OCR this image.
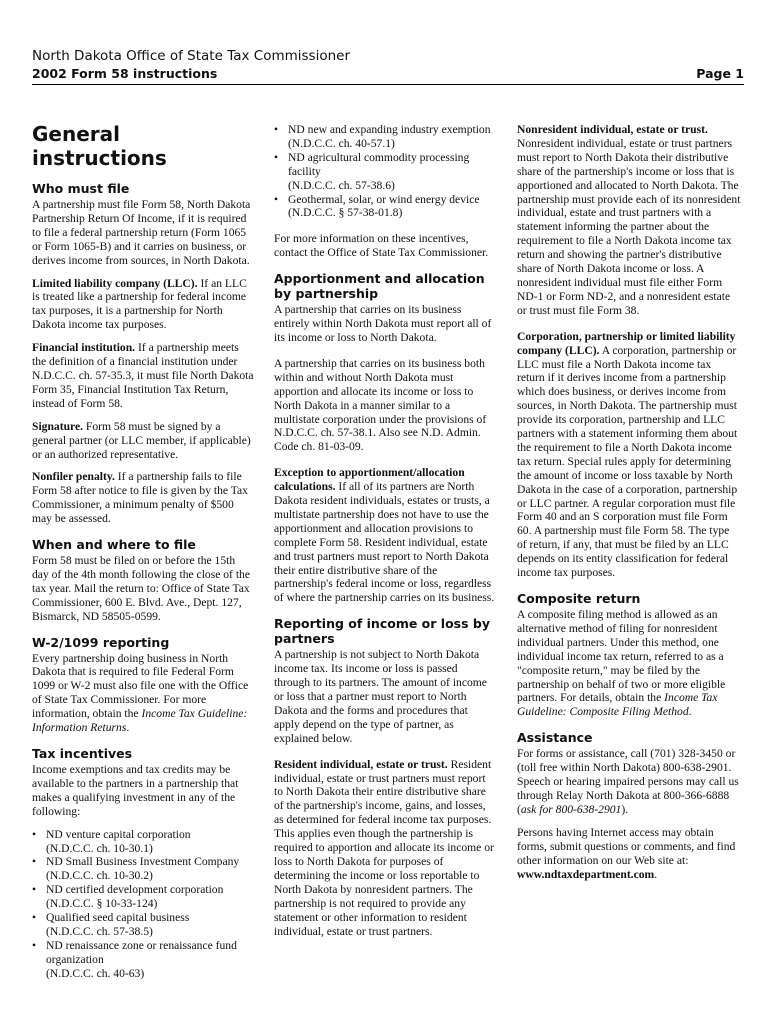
North Dakota Office of State Tax Commissioner
2002 Form 58 instructions	Page 1
General instructions
Who must file

A partnership must file Form 58, North Dakota Partnership Return Of Income, if it is required to file a federal partnership return (Form 1065 or Form 1065-B) and it carries on business, or derives income from sources, in North Dakota.

Limited liability company (LLC). If an LLC is treated like a partnership for federal income tax purposes, it is a partnership for North Dakota income tax purposes.

Financial institution. If a partnership meets the definition of a financial institution under N.D.C.C. ch. 57-35.3, it must file North Dakota Form 35, Financial Institution Tax Return, instead of Form 58.

Signature. Form 58 must be signed by a general partner (or LLC member, if applicable) or an authorized representative.

Nonfiler penalty. If a partnership fails to file Form 58 after notice to file is given by the Tax Commissioner, a minimum penalty of $500 may be assessed.

When and where to file

Form 58 must be filed on or before the 15th day of the 4th month following the close of the tax year. Mail the return to: Office of State Tax Commissioner, 600 E. Blvd. Ave., Dept. 127, Bismarck, ND 58505-0599.

W-2/1099 reporting

Every partnership doing business in North Dakota that is required to file Federal Form 1099 or W-2 must also file one with the Office of State Tax Commissioner. For more information, obtain the Income Tax Guideline: Information Returns.

Tax incentives

Income exemptions and tax credits may be available to the partners in a partnership that makes a qualifying investment in any of the following:

• ND venture capital corporation
(N.D.C.C. ch. 10-30.1)
• ND Small Business Investment Company
(N.D.C.C. ch. 10-30.2)
• ND certified development corporation
(N.D.C.C. § 10-33-124)
• Qualified seed capital business
(N.D.C.C. ch. 57-38.5)
• ND renaissance zone or renaissance fund organization
(N.D.C.C. ch. 40-63)
• ND new and expanding industry exemption
(N.D.C.C. ch. 40-57.1)
• ND agricultural commodity processing facility
(N.D.C.C. ch. 57-38.6)
• Geothermal, solar, or wind energy device
(N.D.C.C. § 57-38-01.8)

For more information on these incentives, contact the Office of State Tax Commissioner.

Apportionment and allocation by partnership

A partnership that carries on its business entirely within North Dakota must report all of its income or loss to North Dakota.

A partnership that carries on its business both within and without North Dakota must apportion and allocate its income or loss to North Dakota in a manner similar to a multistate corporation under the provisions of N.D.C.C. ch. 57-38.1. Also see N.D. Admin. Code ch. 81-03-09.

Exception to apportionment/allocation calculations. If all of its partners are North Dakota resident individuals, estates or trusts, a multistate partnership does not have to use the apportionment and allocation provisions to complete Form 58. Resident individual, estate and trust partners must report to North Dakota their entire distributive share of the partnership's federal income or loss, regardless of where the partnership carries on its business.

Reporting of income or loss by partners

A partnership is not subject to North Dakota income tax. Its income or loss is passed through to its partners. The amount of income or loss that a partner must report to North Dakota and the forms and procedures that apply depend on the type of partner, as explained below.

Resident individual, estate or trust. Resident individual, estate or trust partners must report to North Dakota their entire distributive share of the partnership's income, gains, and losses, as determined for federal income tax purposes. This applies even though the partnership is required to apportion and allocate its income or loss to North Dakota for purposes of determining the income or loss reportable to North Dakota by nonresident partners. The partnership is not required to provide any statement or other information to resident individual, estate or trust partners.

Nonresident individual, estate or trust.
Nonresident individual, estate or trust partners must report to North Dakota their distributive share of the partnership's income or loss that is apportioned and allocated to North Dakota. The partnership must provide each of its nonresident individual, estate and trust partners with a statement informing the partner about the requirement to file a North Dakota income tax return and showing the partner's distributive share of North Dakota income or loss. A nonresident individual must file either Form ND-1 or Form ND-2, and a nonresident estate or trust must file Form 38.

Corporation, partnership or limited liability company (LLC). A corporation, partnership or LLC must file a North Dakota income tax return if it derives income from a partnership which does business, or derives income from sources, in North Dakota. The partnership must provide its corporation, partnership and LLC partners with a statement informing them about the requirement to file a North Dakota income tax return. Special rules apply for determining the amount of income or loss taxable by North Dakota in the case of a corporation, partnership or LLC partner. A regular corporation must file Form 40 and an S corporation must file Form 60. A partnership must file Form 58. The type of return, if any, that must be filed by an LLC depends on its entity classification for federal income tax purposes.

Composite return

A composite filing method is allowed as an alternative method of filing for nonresident individual partners. Under this method, one individual income tax return, referred to as a "composite return," may be filed by the partnership on behalf of two or more eligible partners. For details, obtain the Income Tax Guideline: Composite Filing Method.

Assistance

For forms or assistance, call (701) 328-3450 or (toll free within North Dakota) 800-638-2901. Speech or hearing impaired persons may call us through Relay North Dakota at 800-366-6888 (ask for 800-638-2901).

Persons having Internet access may obtain forms, submit questions or comments, and find other information on our Web site at:
www.ndtaxdepartment.com.
